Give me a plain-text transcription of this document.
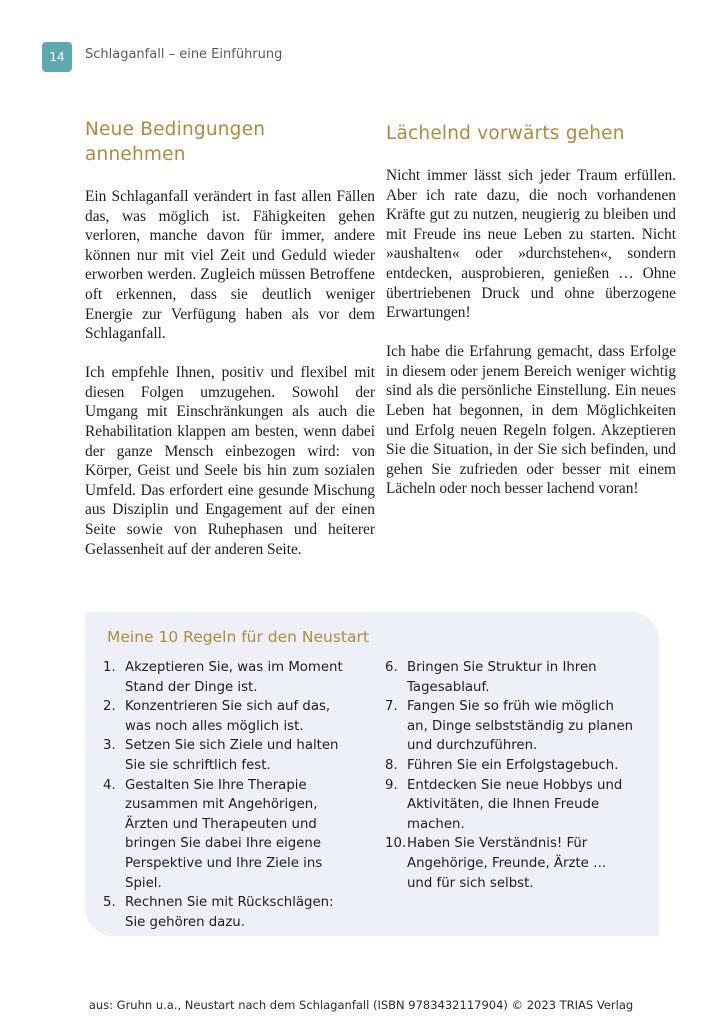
14	Schlaganfall – eine Einführung
Neue Bedingungen annehmen

Ein Schlaganfall verändert in fast allen Fällen das, was möglich ist. Fähigkeiten gehen verloren, manche davon für immer, andere können nur mit viel Zeit und Geduld wieder erworben werden. Zugleich müssen Betroffene oft erkennen, dass sie deutlich weniger Energie zur Verfügung haben als vor dem Schlaganfall.

Ich empfehle Ihnen, positiv und flexibel mit diesen Folgen umzugehen. Sowohl der Umgang mit Einschränkungen als auch die Rehabilitation klappen am besten, wenn dabei der ganze Mensch einbezogen wird: von Körper, Geist und Seele bis hin zum sozialen Umfeld. Das erfordert eine gesunde Mischung aus Disziplin und Engagement auf der einen Seite sowie von Ruhephasen und heiterer Gelassenheit auf der anderen Seite.

Lächelnd vorwärts gehen

Nicht immer lässt sich jeder Traum erfüllen. Aber ich rate dazu, die noch vorhandenen Kräfte gut zu nutzen, neugierig zu bleiben und mit Freude ins neue Leben zu starten. Nicht »aushalten« oder »durchstehen«, sondern entdecken, ausprobieren, genießen … Ohne übertriebenen Druck und ohne überzogene Erwartungen!

Ich habe die Erfahrung gemacht, dass Erfolge in diesem oder jenem Bereich weniger wichtig sind als die persönliche Einstellung. Ein neues Leben hat begonnen, in dem Möglichkeiten und Erfolg neuen Regeln folgen. Akzeptieren Sie die Situation, in der Sie sich befinden, und gehen Sie zufrieden oder besser mit einem Lächeln oder noch besser lachend voran!

Meine 10 Regeln für den Neustart
1. Akzeptieren Sie, was im Moment Stand der Dinge ist.
2. Konzentrieren Sie sich auf das, was noch alles möglich ist.
3. Setzen Sie sich Ziele und halten Sie sie schriftlich fest.
4. Gestalten Sie Ihre Therapie zusammen mit Angehörigen, Ärzten und Therapeuten und bringen Sie dabei Ihre eigene Perspektive und Ihre Ziele ins Spiel.
5. Rechnen Sie mit Rückschlägen: Sie gehören dazu.
6. Bringen Sie Struktur in Ihren Tagesablauf.
7. Fangen Sie so früh wie möglich an, Dinge selbstständig zu planen und durchzuführen.
8. Führen Sie ein Erfolgstagebuch.
9. Entdecken Sie neue Hobbys und Aktivitäten, die Ihnen Freude machen.
10. Haben Sie Verständnis! Für Angehörige, Freunde, Ärzte … und für sich selbst.
aus: Gruhn u.a., Neustart nach dem Schlaganfall (ISBN 9783432117904) © 2023 TRIAS Verlag
